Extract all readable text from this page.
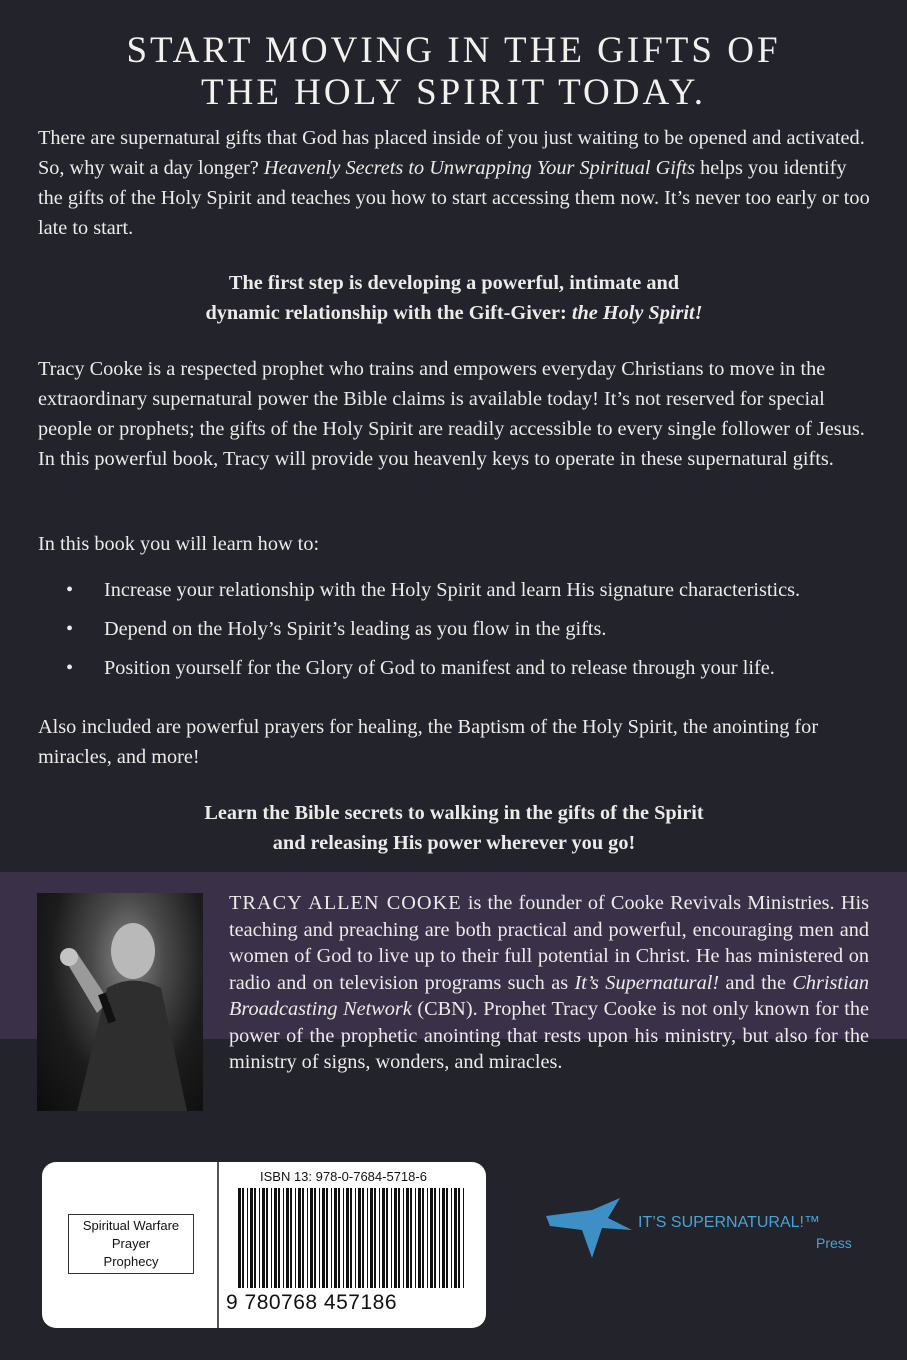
START MOVING IN THE GIFTS OF
THE HOLY SPIRIT TODAY.

There are supernatural gifts that God has placed inside of you just waiting to be opened and activated. So, why wait a day longer? Heavenly Secrets to Unwrapping Your Spiritual Gifts helps you identify the gifts of the Holy Spirit and teaches you how to start accessing them now. It’s never too early or too late to start.

The first step is developing a powerful, intimate and
dynamic relationship with the Gift-Giver: the Holy Spirit!

Tracy Cooke is a respected prophet who trains and empowers everyday Christians to move in the extraordinary supernatural power the Bible claims is available today! It’s not reserved for special people or prophets; the gifts of the Holy Spirit are readily accessible to every single follower of Jesus. In this powerful book, Tracy will provide you heavenly keys to operate in these supernatural gifts.

In this book you will learn how to:

• Increase your relationship with the Holy Spirit and learn His signature characteristics.
• Depend on the Holy’s Spirit’s leading as you flow in the gifts.
• Position yourself for the Glory of God to manifest and to release through your life.

Also included are powerful prayers for healing, the Baptism of the Holy Spirit, the anointing for miracles, and more!

Learn the Bible secrets to walking in the gifts of the Spirit
and releasing His power wherever you go!

TRACY ALLEN COOKE is the founder of Cooke Revivals Ministries. His teaching and preaching are both practical and powerful, encouraging men and women of God to live up to their full potential in Christ. He has ministered on radio and on television programs such as It’s Supernatural! and the Christian Broadcasting Network (CBN). Prophet Tracy Cooke is not only known for the power of the prophetic anointing that rests upon his ministry, but also for the ministry of signs, wonders, and miracles.

Spiritual Warfare
Prayer
Prophecy
ISBN 13: 978-0-7684-5718-6
9 780768 457186
IT’S SUPERNATURAL!™
Press
